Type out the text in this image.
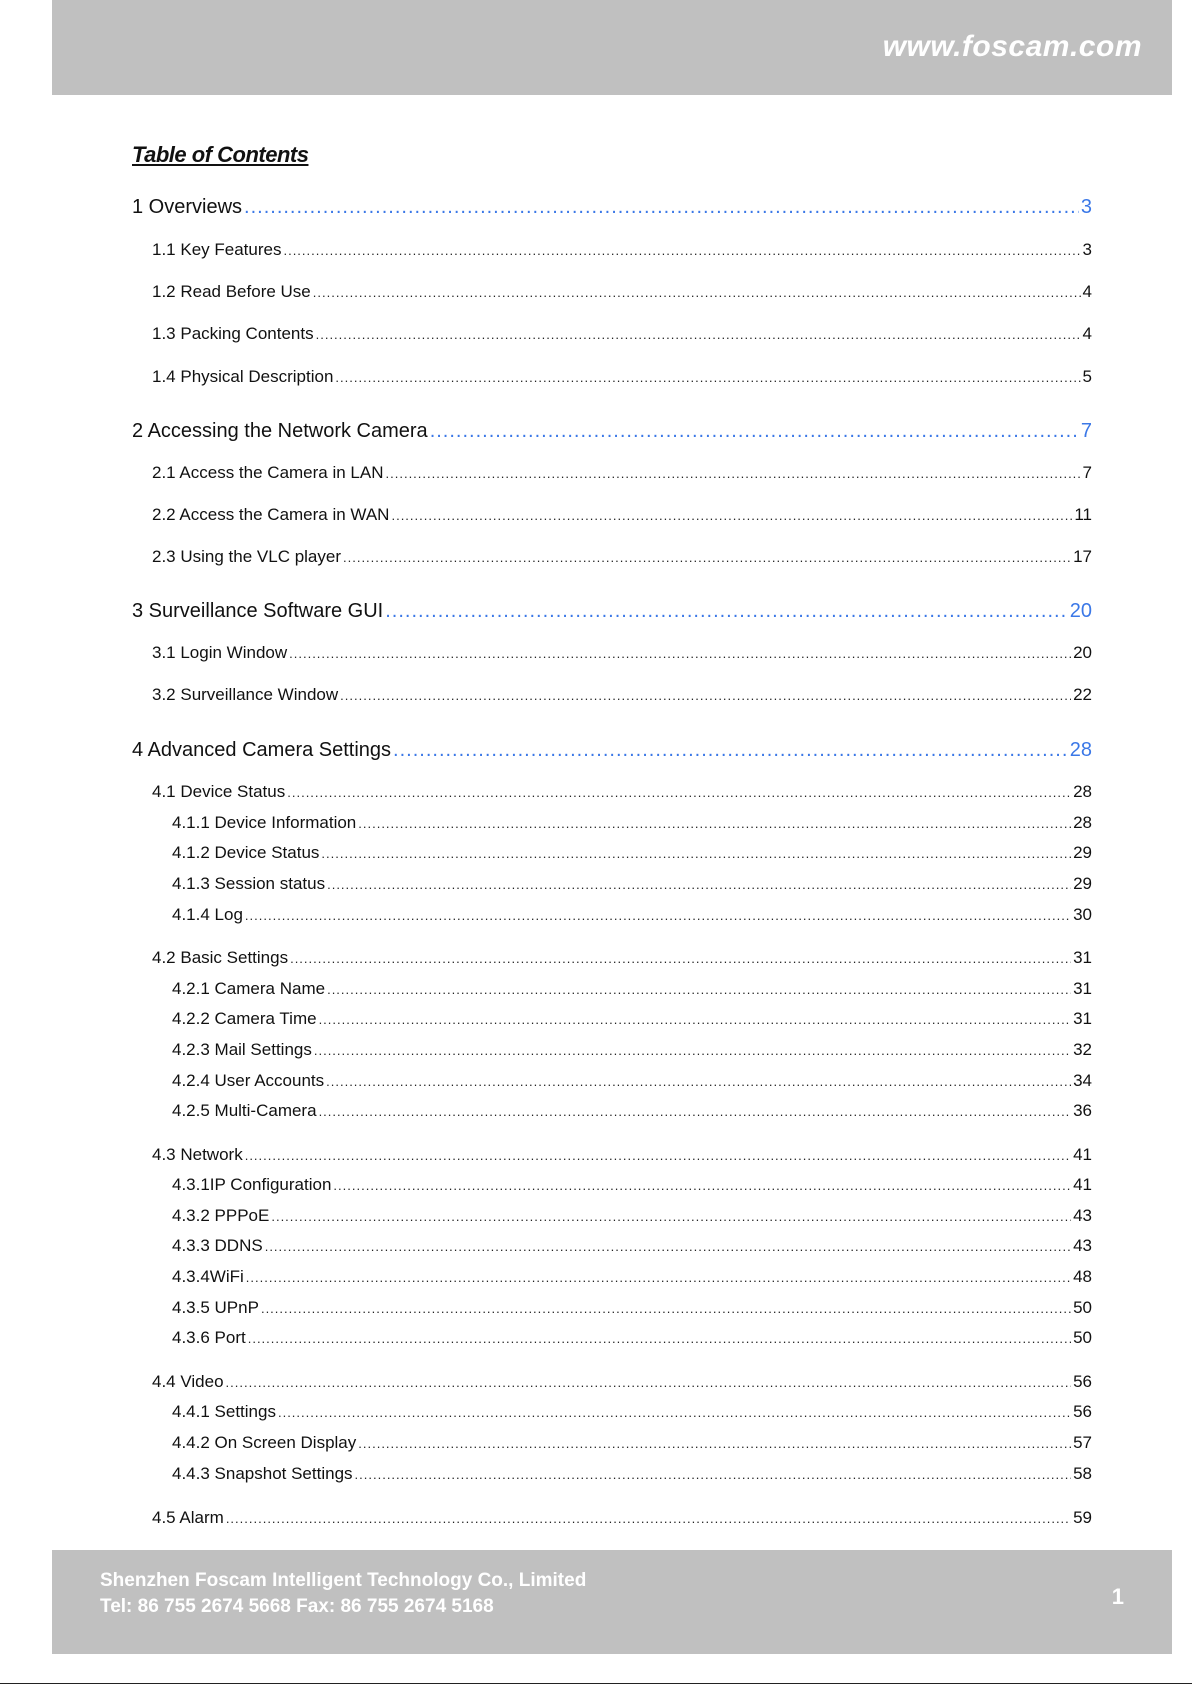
www.foscam.com
Table of Contents
1 Overviews .....	3
1.1 Key Features .....	3
1.2 Read Before Use .....	4
1.3 Packing Contents .....	4
1.4 Physical Description .....	5
2 Accessing the Network Camera .....	7
2.1 Access the Camera in LAN .....	7
2.2 Access the Camera in WAN .....	11
2.3 Using the VLC player .....	17
3 Surveillance Software GUI .....	20
3.1 Login Window .....	20
3.2 Surveillance Window .....	22
4 Advanced Camera Settings .....	28
4.1 Device Status .....	28
4.1.1 Device Information .....	28
4.1.2 Device Status .....	29
4.1.3 Session status .....	29
4.1.4 Log .....	30
4.2 Basic Settings .....	31
4.2.1 Camera Name .....	31
4.2.2 Camera Time .....	31
4.2.3 Mail Settings .....	32
4.2.4 User Accounts .....	34
4.2.5 Multi-Camera .....	36
4.3 Network .....	41
4.3.1IP Configuration .....	41
4.3.2 PPPoE .....	43
4.3.3 DDNS .....	43
4.3.4WiFi .....	48
4.3.5 UPnP .....	50
4.3.6 Port .....	50
4.4 Video .....	56
4.4.1 Settings .....	56
4.4.2 On Screen Display .....	57
4.4.3 Snapshot Settings .....	58
4.5 Alarm .....	59
Shenzhen Foscam Intelligent Technology Co., Limited
Tel: 86 755 2674 5668 Fax: 86 755 2674 5168	1
